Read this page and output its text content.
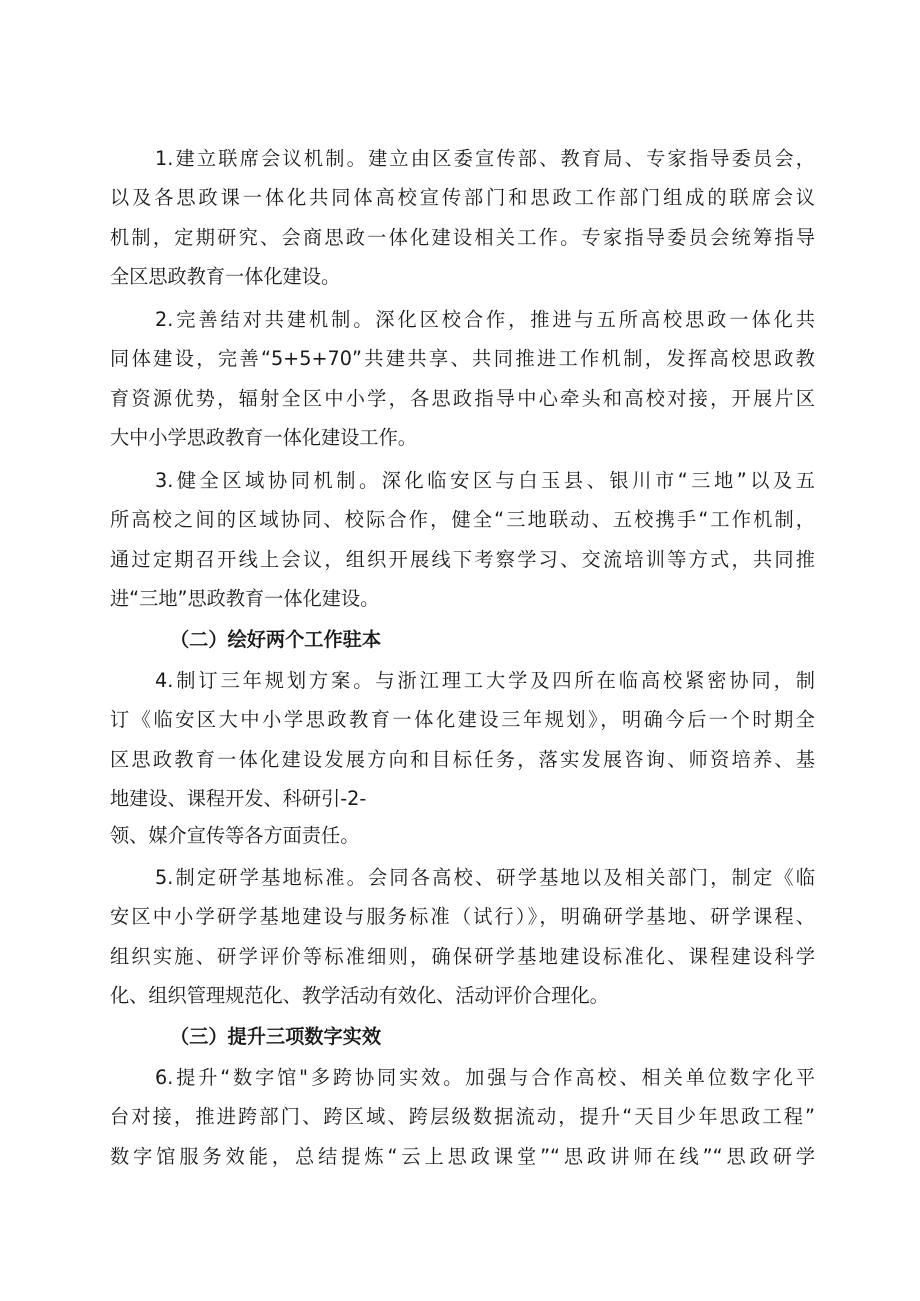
1.建立联席会议机制。建立由区委宣传部、教育局、专家指导委员会，
以及各思政课一体化共同体高校宣传部门和思政工作部门组成的联席会议
机制，定期研究、会商思政一体化建设相关工作。专家指导委员会统筹指导
全区思政教育一体化建设。
2.完善结对共建机制。深化区校合作，推进与五所高校思政一体化共
同体建设，完善“5+5+70”共建共享、共同推进工作机制，发挥高校思政教
育资源优势，辐射全区中小学，各思政指导中心牵头和高校对接，开展片区
大中小学思政教育一体化建设工作。
3.健全区域协同机制。深化临安区与白玉县、银川市“三地”以及五
所高校之间的区域协同、校际合作，健全“三地联动、五校携手“工作机制，
通过定期召开线上会议，组织开展线下考察学习、交流培训等方式，共同推
进“三地”思政教育一体化建设。
（二）绘好两个工作驻本
4.制订三年规划方案。与浙江理工大学及四所在临高校紧密协同，制
订《临安区大中小学思政教育一体化建设三年规划》，明确今后一个时期全
区思政教育一体化建设发展方向和目标任务，落实发展咨询、师资培养、基
地建设、课程开发、科研引-2-
领、媒介宣传等各方面责任。
5.制定研学基地标准。会同各高校、研学基地以及相关部门，制定《临
安区中小学研学基地建设与服务标准（试行）》，明确研学基地、研学课程、
组织实施、研学评价等标准细则，确保研学基地建设标准化、课程建设科学
化、组织管理规范化、教学活动有效化、活动评价合理化。
（三）提升三项数字实效
6.提升“数字馆"多跨协同实效。加强与合作高校、相关单位数字化平
台对接，推进跨部门、跨区域、跨层级数据流动，提升“天目少年思政工程”
数字馆服务效能，总结提炼“云上思政课堂”“思政讲师在线”“思政研学
